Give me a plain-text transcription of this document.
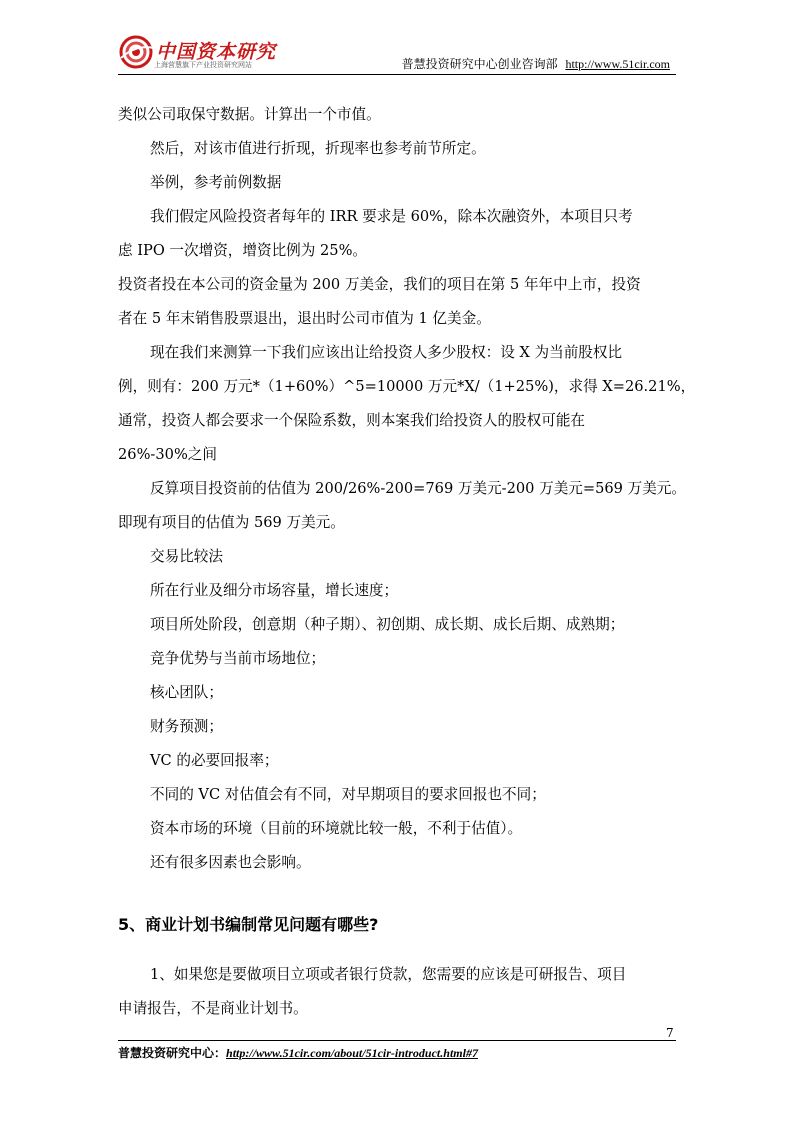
中国资本研究
上海营慧旗下产业投资研究网站	普慧投资研究中心创业咨询部 http://www.51cir.com

类似公司取保守数据。计算出一个市值。

然后，对该市值进行折现，折现率也参考前节所定。

举例，参考前例数据

我们假定风险投资者每年的 IRR 要求是 60%，除本次融资外，本项目只考

虑 IPO 一次增资，增资比例为 25%。

投资者投在本公司的资金量为 200 万美金，我们的项目在第 5 年年中上市，投资

者在 5 年末销售股票退出，退出时公司市值为 1 亿美金。

现在我们来测算一下我们应该出让给投资人多少股权：设 X 为当前股权比

例，则有：200 万元*（1+60%）^5=10000 万元*X/（1+25%)，求得 X=26.21%，

通常，投资人都会要求一个保险系数，则本案我们给投资人的股权可能在

26%-30%之间

反算项目投资前的估值为 200/26%-200=769 万美元-200 万美元=569 万美元。

即现有项目的估值为 569 万美元。

交易比较法

所在行业及细分市场容量，增长速度；

项目所处阶段，创意期（种子期）、初创期、成长期、成长后期、成熟期；

竞争优势与当前市场地位；

核心团队；

财务预测；

VC 的必要回报率；

不同的 VC 对估值会有不同，对早期项目的要求回报也不同；

资本市场的环境（目前的环境就比较一般，不利于估值）。

还有很多因素也会影响。

5、商业计划书编制常见问题有哪些?

1、如果您是要做项目立项或者银行贷款，您需要的应该是可研报告、项目

申请报告，不是商业计划书。

7
普慧投资研究中心：http://www.51cir.com/about/51cir-introduct.html#7
